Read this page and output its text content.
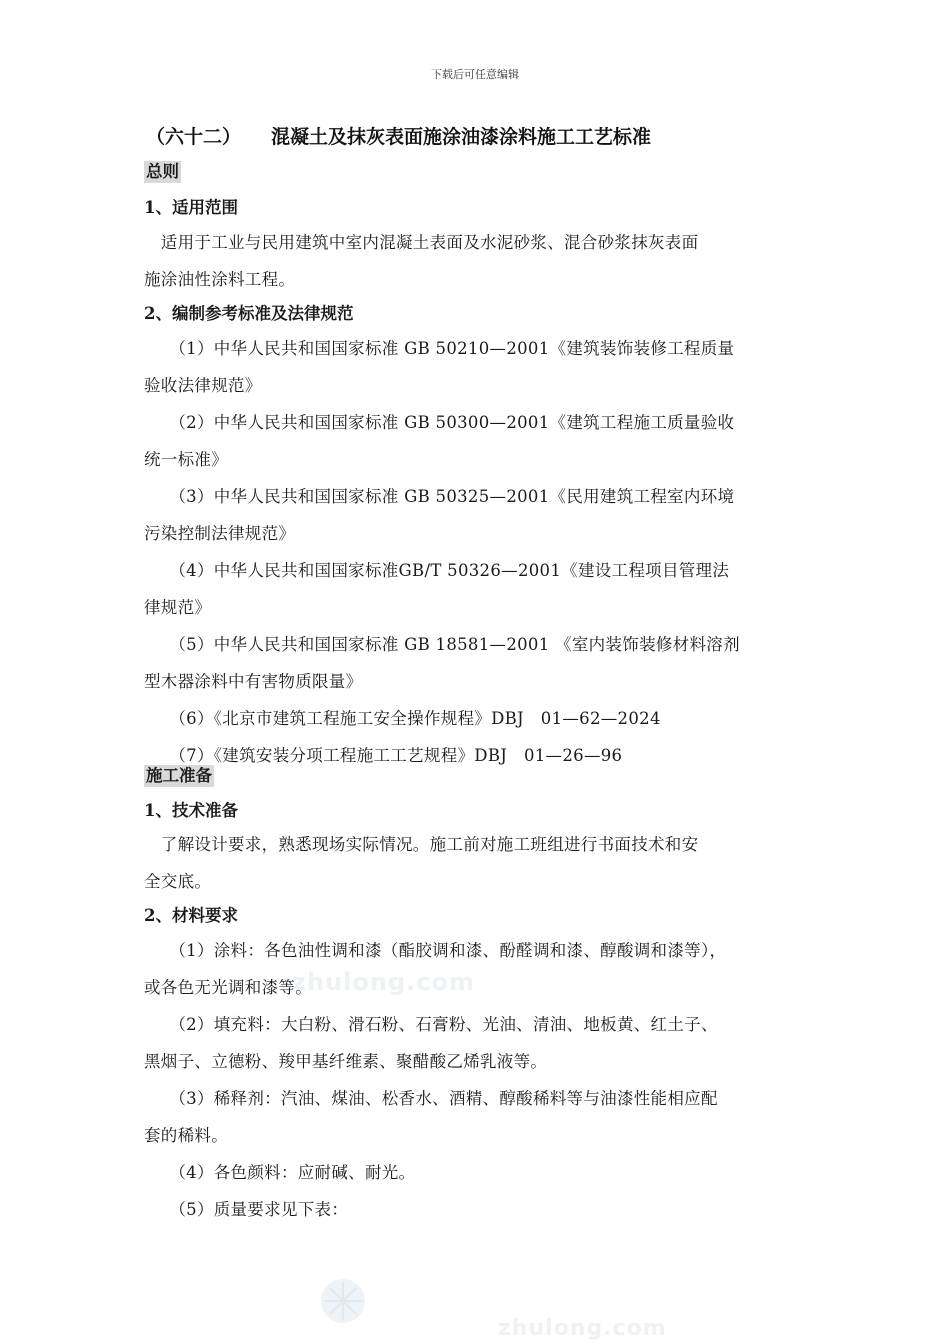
下载后可任意编辑
（六十二） 混凝土及抹灰表面施涂油漆涂料施工工艺标准
总则
1、适用范围
　适用于工业与民用建筑中室内混凝土表面及水泥砂浆、混合砂浆抹灰表面
施涂油性涂料工程。
2、编制参考标准及法律规范
　　（1）中华人民共和国国家标准 GB 50210—2001《建筑装饰装修工程质量
验收法律规范》
　　（2）中华人民共和国国家标准 GB 50300—2001《建筑工程施工质量验收
统一标准》
　　（3）中华人民共和国国家标准 GB 50325—2001《民用建筑工程室内环境
污染控制法律规范》
　　（4）中华人民共和国国家标准GB/T 50326—2001《建设工程项目管理法
律规范》
　　（5）中华人民共和国国家标准 GB 18581—2001 《室内装饰装修材料溶剂
型木器涂料中有害物质限量》
　　（6）《北京市建筑工程施工安全操作规程》DBJ　01—62—2024
　　（7）《建筑安装分项工程施工工艺规程》DBJ　01—26—96
施工准备
1、技术准备
　了解设计要求，熟悉现场实际情况。施工前对施工班组进行书面技术和安
全交底。
2、材料要求
　　（1）涂料：各色油性调和漆（酯胶调和漆、酚醛调和漆、醇酸调和漆等），
或各色无光调和漆等。
　　（2）填充料：大白粉、滑石粉、石膏粉、光油、清油、地板黄、红土子、
黑烟子、立德粉、羧甲基纤维素、聚醋酸乙烯乳液等。
　　（3）稀释剂：汽油、煤油、松香水、酒精、醇酸稀料等与油漆性能相应配
套的稀料。
　　（4）各色颜料：应耐碱、耐光。
　　（5）质量要求见下表：
zhulong.com
zhulong.com
